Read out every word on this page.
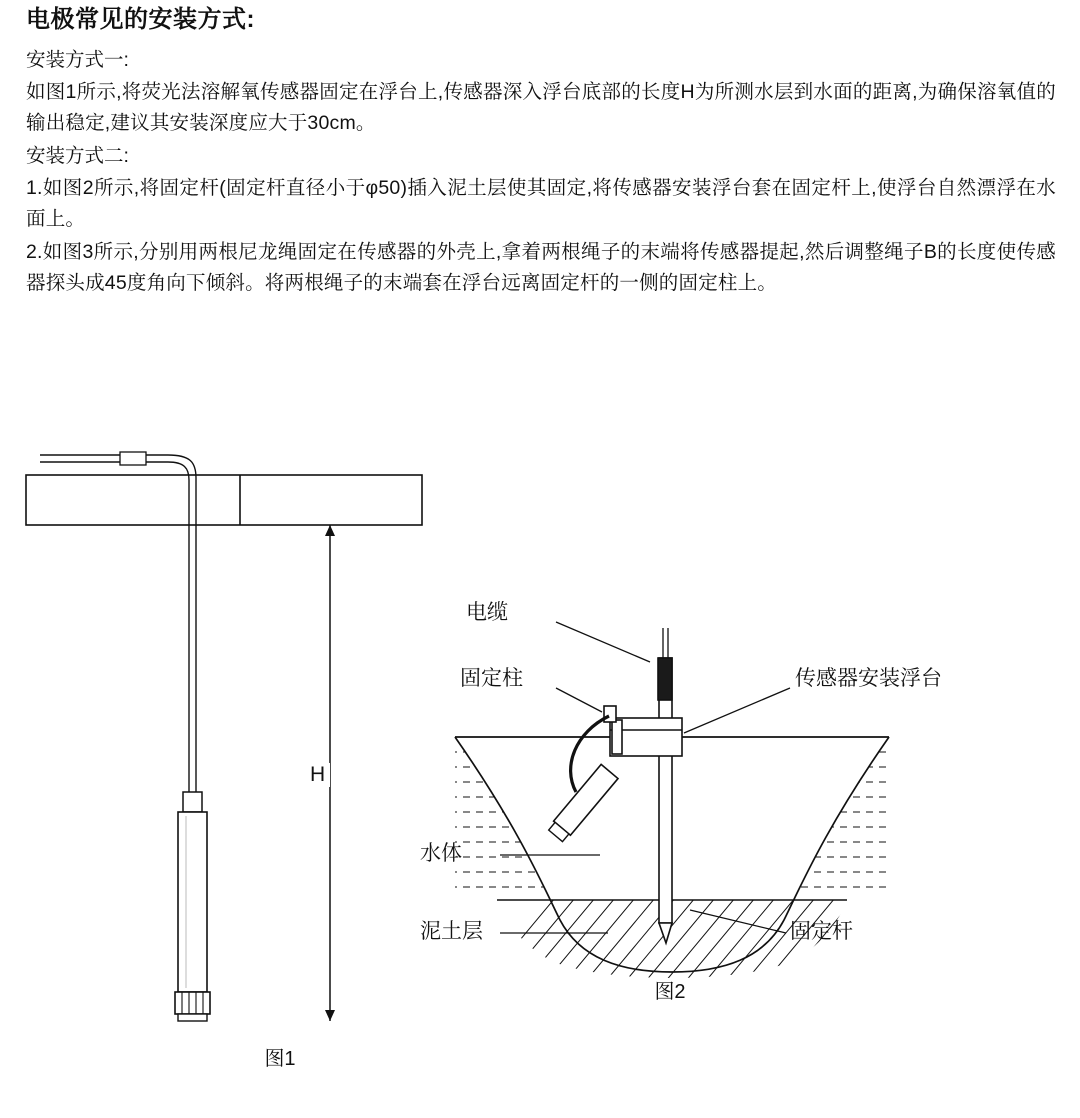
电极常见的安装方式:

安装方式一:

如图1所示,将荧光法溶解氧传感器固定在浮台上,传感器深入浮台底部的长度H为所测水层到水面的距离,为确保溶氧值的输出稳定,建议其安装深度应大于30cm。

安装方式二:

1.如图2所示,将固定杆(固定杆直径小于φ50)插入泥土层使其固定,将传感器安装浮台套在固定杆上,使浮台自然漂浮在水面上。

2.如图3所示,分别用两根尼龙绳固定在传感器的外壳上,拿着两根绳子的末端将传感器提起,然后调整绳子B的长度使传感器探头成45度角向下倾斜。将两根绳子的末端套在浮台远离固定杆的一侧的固定柱上。

H
图1
电缆
固定柱	传感器安装浮台
水体
泥土层	固定杆
图2
